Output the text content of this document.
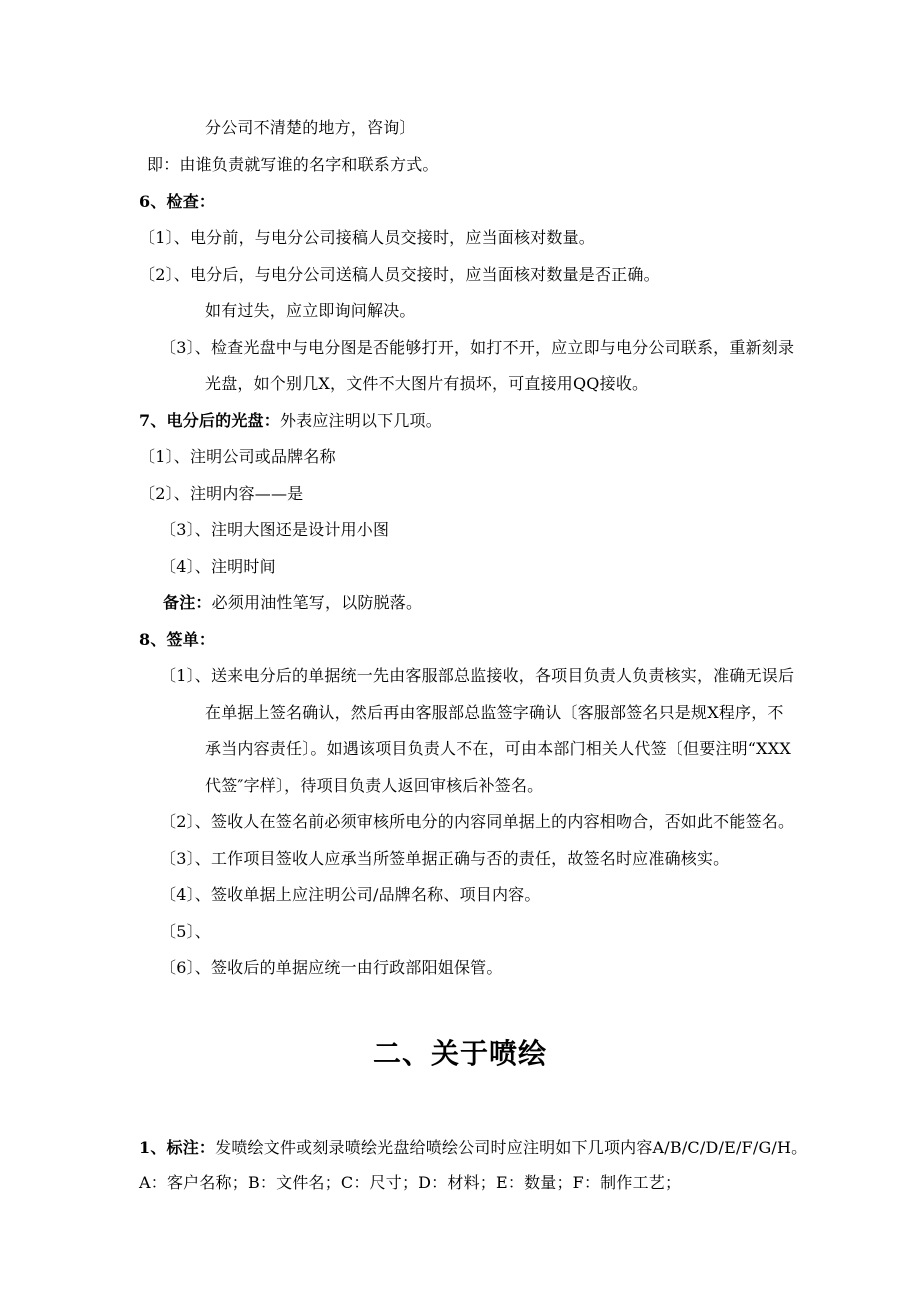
分公司不清楚的地方，咨询〕
即：由谁负责就写谁的名字和联系方式。
6、检查：
〔1〕、电分前，与电分公司接稿人员交接时，应当面核对数量。
〔2〕、电分后，与电分公司送稿人员交接时，应当面核对数量是否正确。
如有过失，应立即询问解决。
〔3〕、检查光盘中与电分图是否能够打开，如打不开，应立即与电分公司联系，重新刻录
光盘，如个别几X，文件不大图片有损坏，可直接用QQ接收。
7、电分后的光盘：外表应注明以下几项。
〔1〕、注明公司或品牌名称
〔2〕、注明内容——是
〔3〕、注明大图还是设计用小图
〔4〕、注明时间
备注：必须用油性笔写，以防脱落。
8、签单：
〔1〕、送来电分后的单据统一先由客服部总监接收，各项目负责人负责核实，准确无误后
在单据上签名确认，然后再由客服部总监签字确认〔客服部签名只是规X程序，不
承当内容责任〕。如遇该项目负责人不在，可由本部门相关人代签〔但要注明“XXX
代签″字样〕，待项目负责人返回审核后补签名。
〔2〕、签收人在签名前必须审核所电分的内容同单据上的内容相吻合，否如此不能签名。
〔3〕、工作项目签收人应承当所签单据正确与否的责任，故签名时应准确核实。
〔4〕、签收单据上应注明公司/品牌名称、项目内容。
〔5〕、
〔6〕、签收后的单据应统一由行政部阳姐保管。
二、关于喷绘
1、标注：发喷绘文件或刻录喷绘光盘给喷绘公司时应注明如下几项内容A/B/C/D/E/F/G/H。
A：客户名称；B：文件名；C：尺寸；D：材料；E：数量；F：制作工艺；
